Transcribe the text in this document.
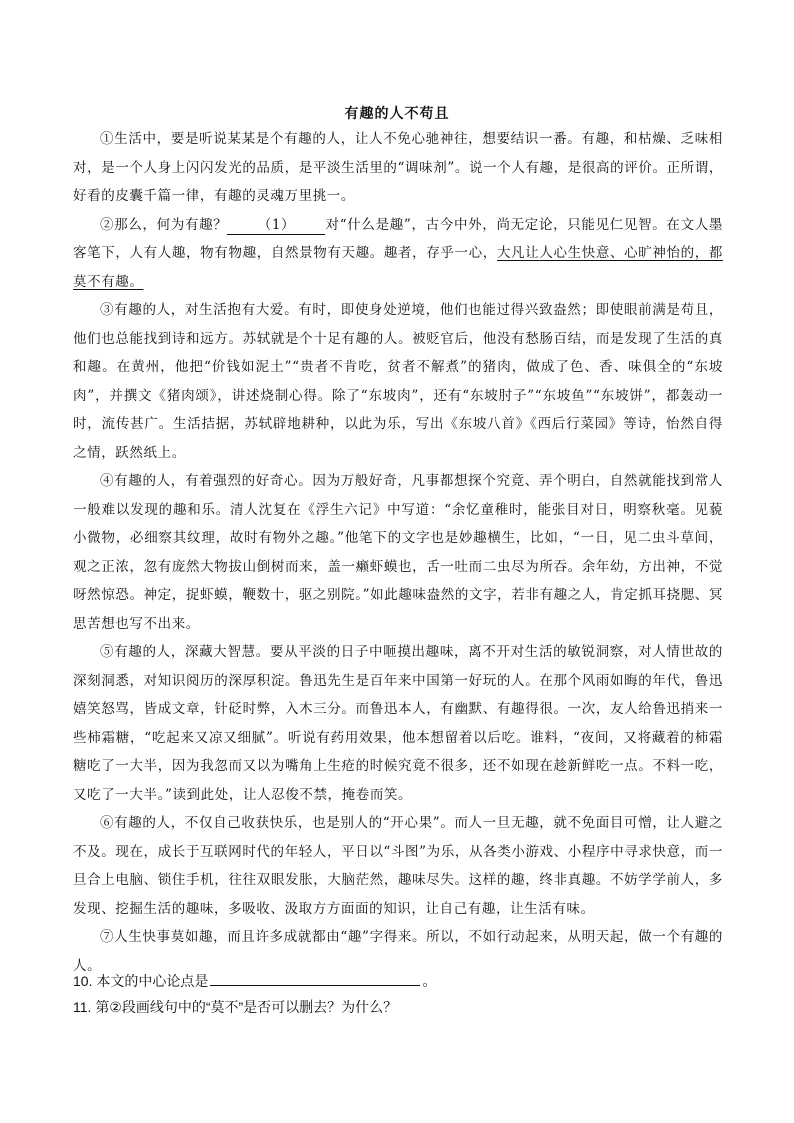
有趣的人不苟且

①生活中，要是听说某某是个有趣的人，让人不免心驰神往，想要结识一番。有趣，和枯燥、乏味相对，是一个人身上闪闪发光的品质，是平淡生活里的“调味剂”。说一个人有趣，是很高的评价。正所谓，好看的皮囊千篇一律，有趣的灵魂万里挑一。

②那么，何为有趣？ （1） 对“什么是趣”，古今中外，尚无定论，只能见仁见智。在文人墨客笔下，人有人趣，物有物趣，自然景物有天趣。趣者，存乎一心，大凡让人心生快意、心旷神怡的，都莫不有趣。

③有趣的人，对生活抱有大爱。有时，即使身处逆境，他们也能过得兴致盎然；即使眼前满是苟且，他们也总能找到诗和远方。苏轼就是个十足有趣的人。被贬官后，他没有愁肠百结，而是发现了生活的真和趣。在黄州，他把“价钱如泥土”“贵者不肯吃，贫者不解煮”的猪肉，做成了色、香、味俱全的“东坡肉”，并撰文《猪肉颂》，讲述烧制心得。除了“东坡肉”，还有“东坡肘子”“东坡鱼”“东坡饼”，都轰动一时，流传甚广。生活拮据，苏轼辟地耕种，以此为乐，写出《东坡八首》《西后行菜园》等诗，怡然自得之情，跃然纸上。

④有趣的人，有着强烈的好奇心。因为万般好奇，凡事都想探个究竟、弄个明白，自然就能找到常人一般难以发现的趣和乐。清人沈复在《浮生六记》中写道：“余忆童稚时，能张目对日，明察秋毫。见藐小微物，必细察其纹理，故时有物外之趣。”他笔下的文字也是妙趣横生，比如，“一日，见二虫斗草间，观之正浓，忽有庞然大物拔山倒树而来，盖一癞虾蟆也，舌一吐而二虫尽为所吞。余年幼，方出神，不觉呀然惊恐。神定，捉虾蟆，鞭数十，驱之别院。”如此趣味盎然的文字，若非有趣之人，肯定抓耳挠腮、冥思苦想也写不出来。

⑤有趣的人，深藏大智慧。要从平淡的日子中咂摸出趣味，离不开对生活的敏锐洞察，对人情世故的深刻洞悉，对知识阅历的深厚积淀。鲁迅先生是百年来中国第一好玩的人。在那个风雨如晦的年代，鲁迅嬉笑怒骂，皆成文章，针砭时弊，入木三分。而鲁迅本人，有幽默、有趣得很。一次，友人给鲁迅捎来一些柿霜糖，“吃起来又凉又细腻”。听说有药用效果，他本想留着以后吃。谁料，“夜间，又将藏着的柿霜糖吃了一大半，因为我忽而又以为嘴角上生疮的时候究竟不很多，还不如现在趁新鲜吃一点。不料一吃，又吃了一大半。”读到此处，让人忍俊不禁，掩卷而笑。

⑥有趣的人，不仅自己收获快乐，也是别人的“开心果”。而人一旦无趣，就不免面目可憎，让人避之不及。现在，成长于互联网时代的年轻人，平日以“斗图”为乐，从各类小游戏、小程序中寻求快意，而一旦合上电脑、锁住手机，往往双眼发胀，大脑茫然，趣味尽失。这样的趣，终非真趣。不妨学学前人，多发现、挖掘生活的趣味，多吸收、汲取方方面面的知识，让自己有趣，让生活有味。

⑦人生快事莫如趣，而且许多成就都由“趣”字得来。所以，不如行动起来，从明天起，做一个有趣的人。

10. 本文的中心论点是	。

11. 第②段画线句中的“莫不”是否可以删去？为什么？
